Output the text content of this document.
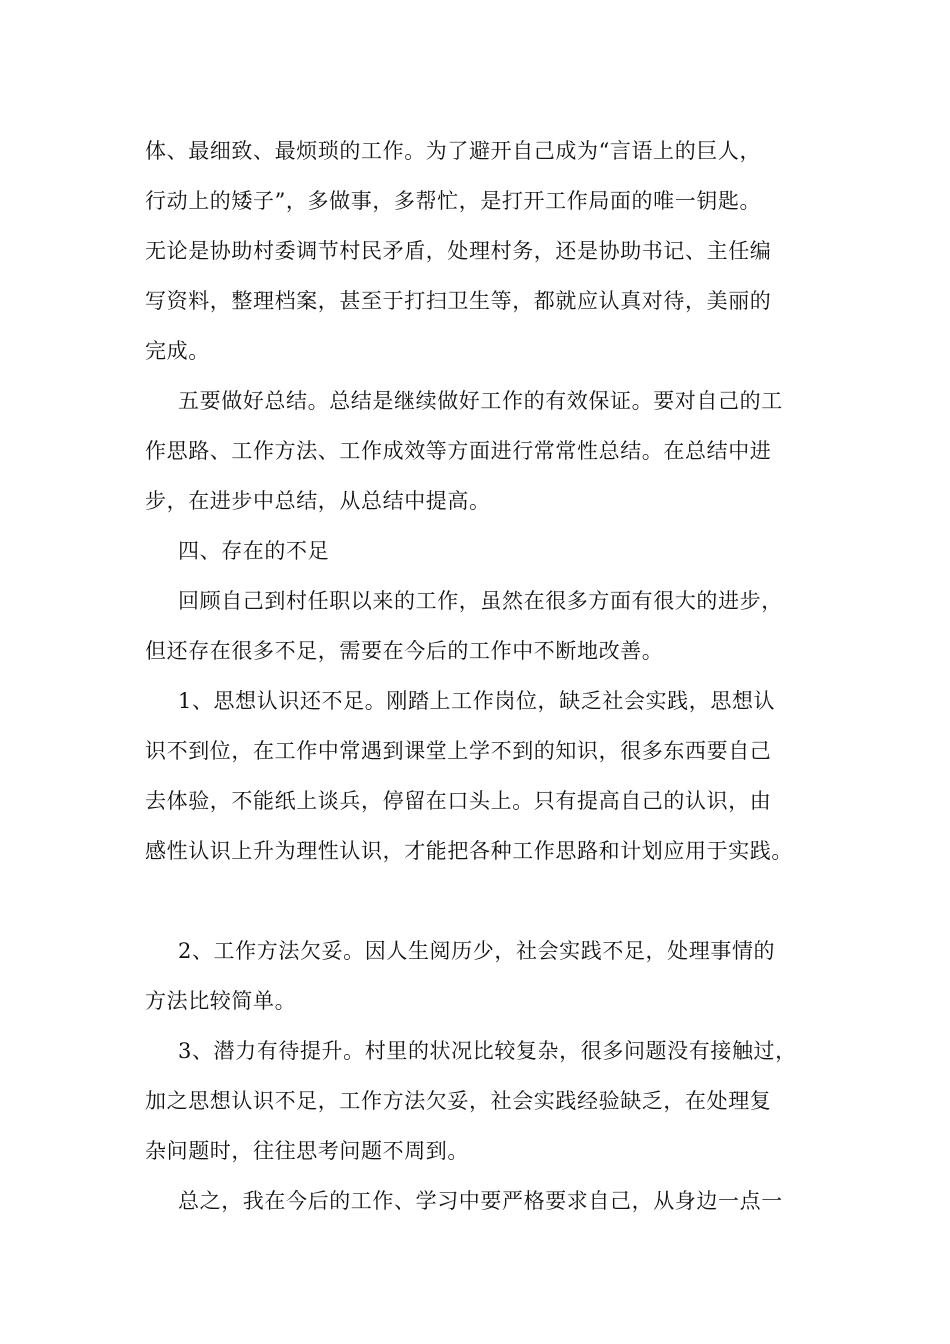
体、最细致、最烦琐的工作。为了避开自己成为“言语上的巨人，
行动上的矮子”，多做事，多帮忙，是打开工作局面的唯一钥匙。
无论是协助村委调节村民矛盾，处理村务，还是协助书记、主任编
写资料，整理档案，甚至于打扫卫生等，都就应认真对待，美丽的
完成。
五要做好总结。总结是继续做好工作的有效保证。要对自己的工
作思路、工作方法、工作成效等方面进行常常性总结。在总结中进
步，在进步中总结，从总结中提高。
四、存在的不足
回顾自己到村任职以来的工作，虽然在很多方面有很大的进步，
但还存在很多不足，需要在今后的工作中不断地改善。
1、思想认识还不足。刚踏上工作岗位，缺乏社会实践，思想认
识不到位，在工作中常遇到课堂上学不到的知识，很多东西要自己
去体验，不能纸上谈兵，停留在口头上。只有提高自己的认识，由
感性认识上升为理性认识，才能把各种工作思路和计划应用于实践。
2、工作方法欠妥。因人生阅历少，社会实践不足，处理事情的
方法比较简单。
3、潜力有待提升。村里的状况比较复杂，很多问题没有接触过，
加之思想认识不足，工作方法欠妥，社会实践经验缺乏，在处理复
杂问题时，往往思考问题不周到。
总之，我在今后的工作、学习中要严格要求自己，从身边一点一
